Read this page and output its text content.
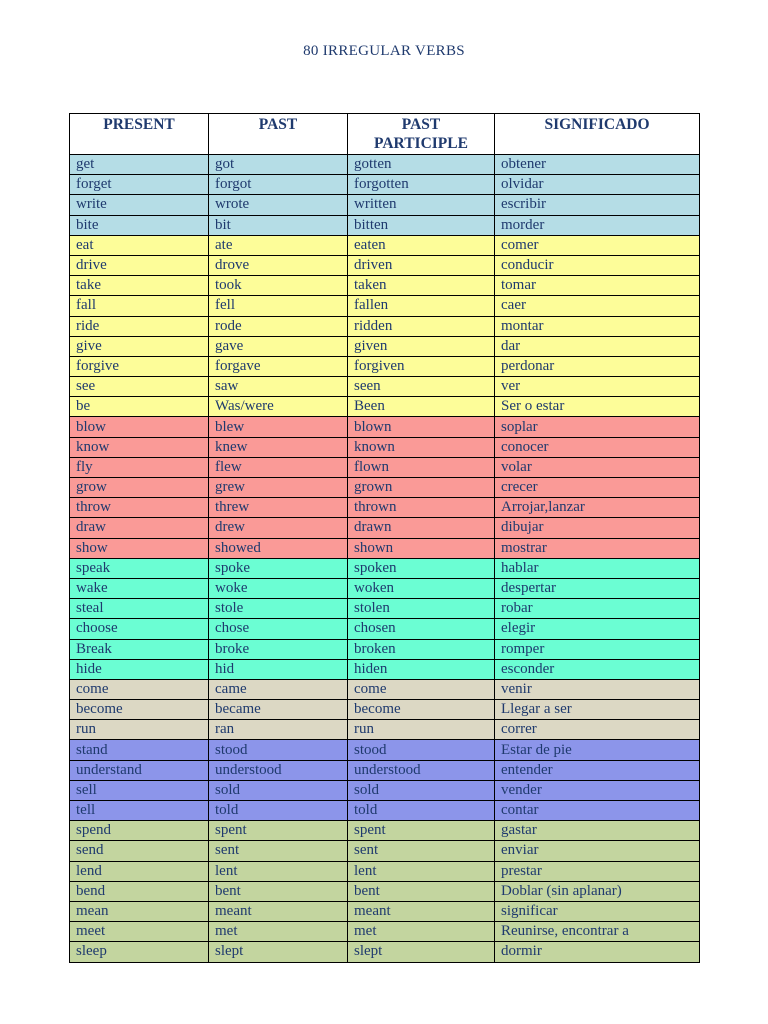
80 IRREGULAR VERBS
PRESENT	PAST	PAST PARTICIPLE	SIGNIFICADO
get	got	gotten	obtener
forget	forgot	forgotten	olvidar
write	wrote	written	escribir
bite	bit	bitten	morder
eat	ate	eaten	comer
drive	drove	driven	conducir
take	took	taken	tomar
fall	fell	fallen	caer
ride	rode	ridden	montar
give	gave	given	dar
forgive	forgave	forgiven	perdonar
see	saw	seen	ver
be	Was/were	Been	Ser o estar
blow	blew	blown	soplar
know	knew	known	conocer
fly	flew	flown	volar
grow	grew	grown	crecer
throw	threw	thrown	Arrojar,lanzar
draw	drew	drawn	dibujar
show	showed	shown	mostrar
speak	spoke	spoken	hablar
wake	woke	woken	despertar
steal	stole	stolen	robar
choose	chose	chosen	elegir
Break	broke	broken	romper
hide	hid	hiden	esconder
come	came	come	venir
become	became	become	Llegar a ser
run	ran	run	correr
stand	stood	stood	Estar de pie
understand	understood	understood	entender
sell	sold	sold	vender
tell	told	told	contar
spend	spent	spent	gastar
send	sent	sent	enviar
lend	lent	lent	prestar
bend	bent	bent	Doblar (sin aplanar)
mean	meant	meant	significar
meet	met	met	Reunirse, encontrar a
sleep	slept	slept	dormir
